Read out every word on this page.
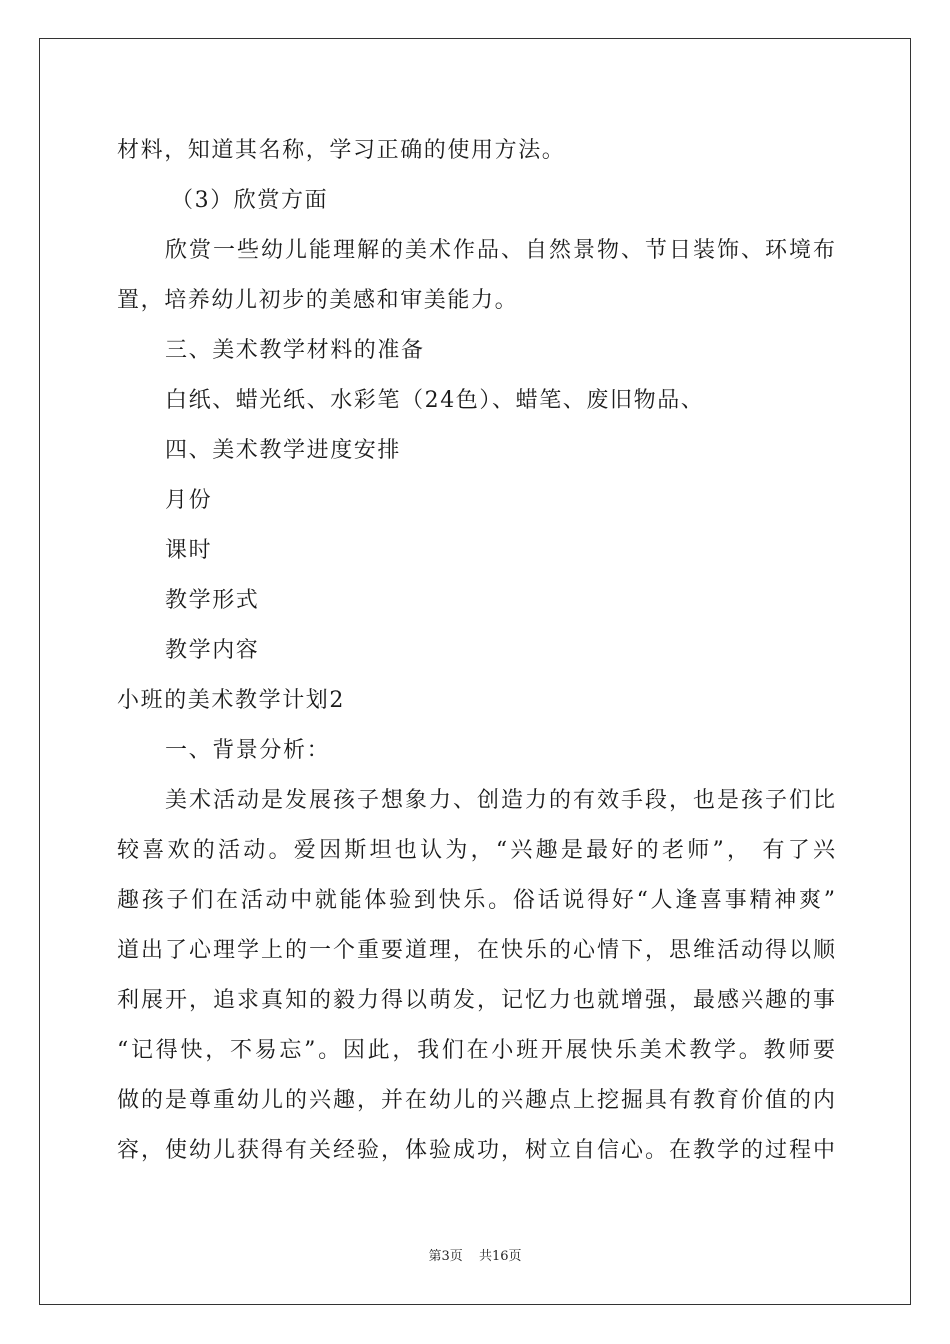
材料，知道其名称，学习正确的使用方法。
（3）欣赏方面
欣赏一些幼儿能理解的美术作品、自然景物、节日装饰、环境布
置，培养幼儿初步的美感和审美能力。
三、美术教学材料的准备
白纸、蜡光纸、水彩笔（24色）、蜡笔、废旧物品、
四、美术教学进度安排
月份
课时
教学形式
教学内容
小班的美术教学计划2
一、背景分析：
美术活动是发展孩子想象力、创造力的有效手段，也是孩子们比
较喜欢的活动。爱因斯坦也认为，“兴趣是最好的老师”， 有了兴
趣孩子们在活动中就能体验到快乐。俗话说得好“人逢喜事精神爽”
道出了心理学上的一个重要道理，在快乐的心情下，思维活动得以顺
利展开，追求真知的毅力得以萌发，记忆力也就增强，最感兴趣的事
“记得快，不易忘”。因此，我们在小班开展快乐美术教学。教师要
做的是尊重幼儿的兴趣，并在幼儿的兴趣点上挖掘具有教育价值的内
容，使幼儿获得有关经验，体验成功，树立自信心。在教学的过程中
第3页 共16页
